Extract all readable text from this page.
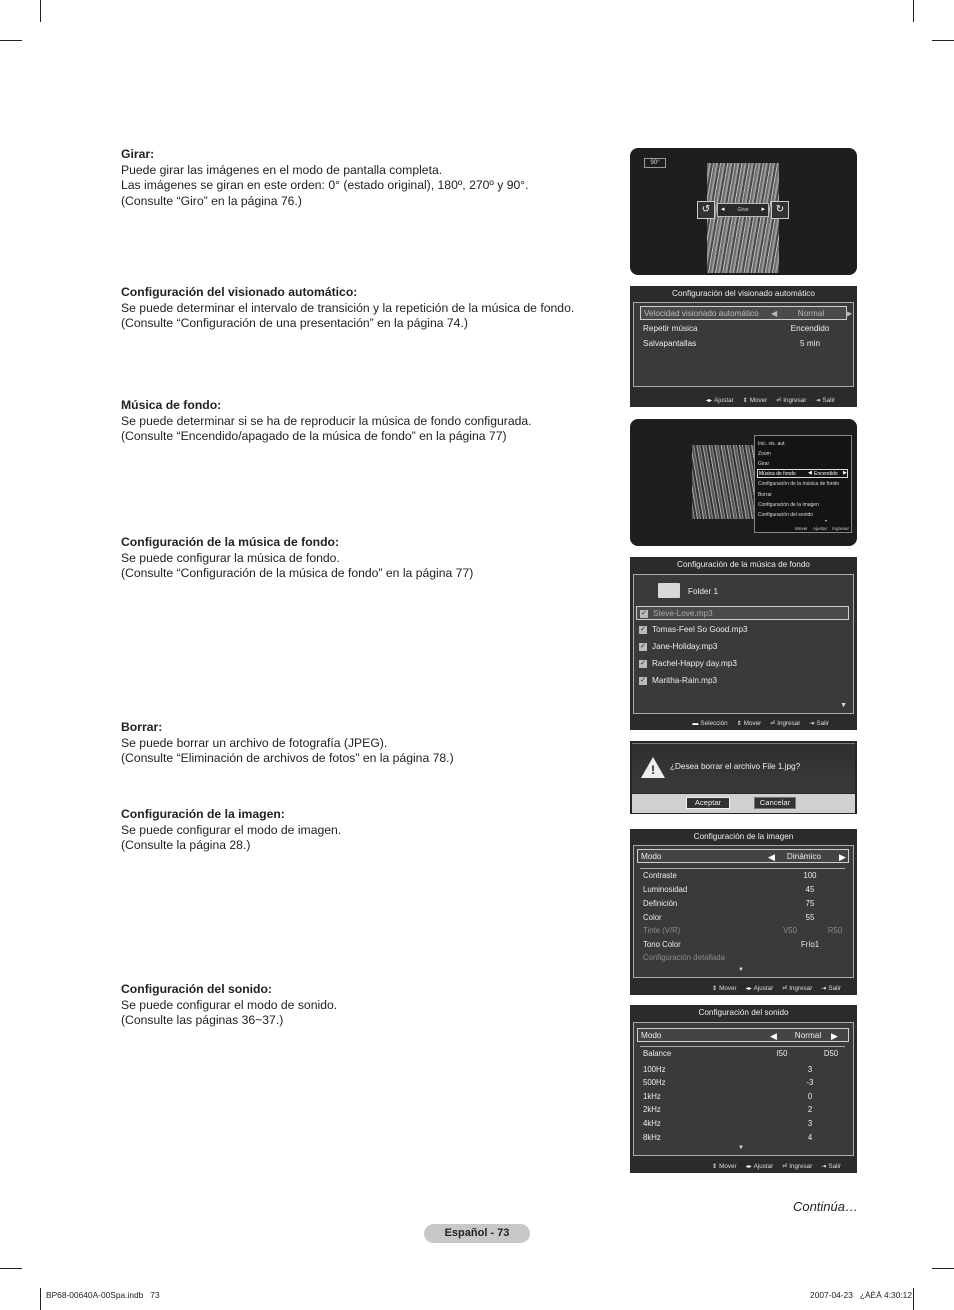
Girar:
Puede girar las imágenes en el modo de pantalla completa.
Las imágenes se giran en este orden: 0° (estado original), 180º, 270º y 90°.
(Consulte “Giro” en la página 76.)
Configuración del visionado automático:
Se puede determinar el intervalo de transición y la repetición de la música de fondo.
(Consulte “Configuración de una presentación” en la página 74.)
Música de fondo:
Se puede determinar si se ha de reproducir la música de fondo configurada.
(Consulte “Encendido/apagado de la música de fondo” en la página 77)
Configuración de la música de fondo:
Se puede configurar la música de fondo.
(Consulte “Configuración de la música de fondo” en la página 77)
Borrar:
Se puede borrar un archivo de fotografía (JPEG).
(Consulte “Eliminación de archivos de fotos” en la página 78.)
Configuración de la imagen:
Se puede configurar el modo de imagen.
(Consulte la página 28.)
Configuración del sonido:
Se puede configurar el modo de sonido.
(Consulte las páginas 36~37.)
90°
↺	◂	Girar	▸	↻
Configuración del visionado automático
Velocidad visionado automático ◀	Normal	▶
Repetir música	Encendido
Salvapantallas	5 min
◂▸ Ajustar ⇕ Mover ⏎ Ingresar ⇥ Salir
Inic. vis. aut.
Zoom
Girar
Música de fondo ◀ Encendido ▶
Configuración de la música de fondo
Borrar
Configuración de la imagen
Configuración del sonido
▾
Mover Ajustar Ingresar
Configuración de la música de fondo
Folder 1
✓ Steve-Love.mp3
✓ Tomas-Feel So Good.mp3
✓ Jane-Holiday.mp3
✓ Rachel-Happy day.mp3
✓ Maritha-Rain.mp3
▼
▬ Selección ⇕ Mover ⏎ Ingresar ⇥ Salir
! ¿Desea borrar el archivo File 1.jpg?
Aceptar	Cancelar
Configuración de la imagen
Modo	◀	Dinámico	▶
Contraste	100
Luminosidad	45
Definición	75
Color	55
Tinte (V/R)	V50	R50
Tono Color	Frío1
Configuración detallada
▼
⇕ Mover ◂▸ Ajustar ⏎ Ingresar ⇥ Salir
Configuración del sonido
Modo	◀	Normal	▶
Balance	I50	D50
100Hz	3
500Hz	-3
1kHz	0
2kHz	2
4kHz	3
8kHz	4
▼
⇕ Mover ◂▸ Ajustar ⏎ Ingresar ⇥ Salir
Continúa…
Español - 73
BP68-00640A-00Spa.indb   73	2007-04-23   ¿ÀÈÄ 4:30:12
